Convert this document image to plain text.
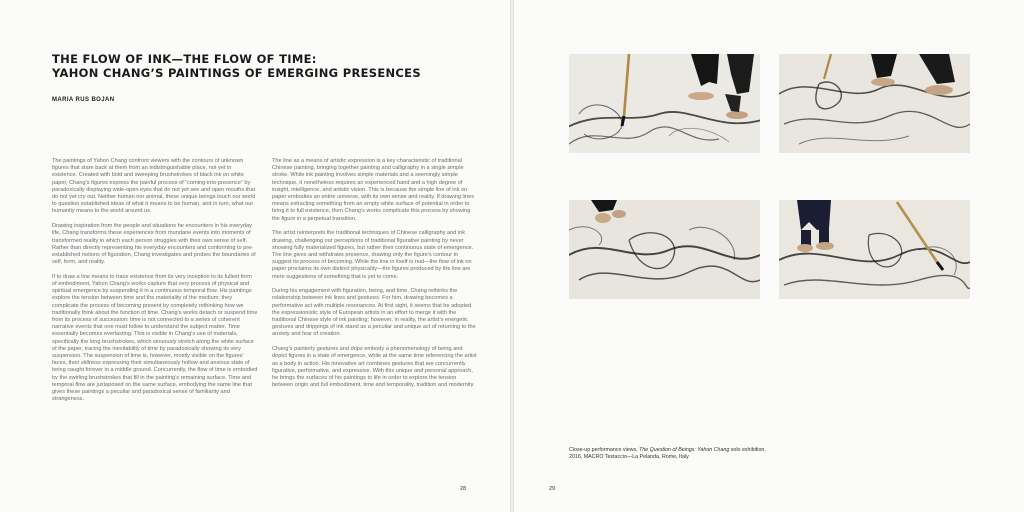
THE FLOW OF INK—THE FLOW OF TIME:
YAHON CHANG’S PAINTINGS OF EMERGING PRESENCES
MARIA RUS BOJAN

The paintings of Yahon Chang confront viewers with the contours of unknown figures that stare back at them from an indistinguishable place, not yet in existence. Created with bold and sweeping brushstrokes of black ink on white paper, Chang’s figures express the painful process of “coming-into-presence” by paradoxically displaying wide-open eyes that do not yet see and open mouths that do not yet cry out. Neither human nor animal, these unique beings touch our world to question established ideas of what it means to be human, and in turn, what our humanity means to the world around us.

Drawing inspiration from the people and situations he encounters in his everyday life, Chang transforms these experiences from mundane events into moments of transformed reality in which each person struggles with their own sense of self. Rather than directly representing his everyday encounters and conforming to pre-established notions of figuration, Chang investigates and probes the boundaries of self, form, and reality.

If to draw a line means to trace existence from its very inception to its fullest form of embodiment, Yahon Chang’s works capture that very process of physical and spiritual emergence by suspending it in a continuous temporal flow. His paintings explore the tension between time and the materiality of the medium; they complicate the process of becoming present by completely rethinking how we traditionally think about the function of time. Chang’s works detach or suspend time from its process of succession: time is not connected to a series of coherent narrative events that one must follow to understand the subject matter. Time essentially becomes everlasting. This is visible in Chang’s use of materials, specifically the long brushstrokes, which sinuously stretch along the white surface of the paper, tracing the inevitability of time by paradoxically showing its very suspension. The suspension of time is, however, mostly visible on the figures’ faces, their stillness expressing their simultaneously hollow and anxious state of being caught forever in a middle ground. Concurrently, the flow of time is embodied by the swirling brushstrokes that fill in the painting’s remaining surface. Time and temporal flow are juxtaposed on the same surface, embodying the same line that gives these paintings a peculiar and paradoxical sense of familiarity and strangeness.

The line as a means of artistic expression is a key characteristic of traditional Chinese painting, bringing together painting and calligraphy in a single simple stroke. While ink painting involves simple materials and a seemingly simple technique, it nonetheless requires an experienced hand and a high degree of insight, intelligence, and artistic vision. This is because the simple line of ink on paper embodies an entire universe, with its own sense and reality. If drawing lines means extracting something from an empty white surface of potential in order to bring it to full existence, then Chang’s works complicate this process by showing the figure in a perpetual transition.

The artist reinterprets the traditional techniques of Chinese calligraphy and ink drawing, challenging our perceptions of traditional figurative painting by never showing fully materialized figures, but rather their continuous state of emergence. The line gives and withdraws presence, drawing only the figure’s contour to suggest its process of becoming. While the line in itself is real—the flow of ink on paper proclaims its own distinct physicality—the figures produced by the line are mere suggestions of something that is yet to come.

During his engagement with figuration, being, and time, Chang rethinks the relationship between ink lines and gestures. For him, drawing becomes a performative act with multiple resonances. At first sight, it seems that he adopted the expressionistic style of European artists in an effort to merge it with the traditional Chinese style of ink painting; however, in reality, the artist’s energetic gestures and drippings of ink stand as a peculiar and unique act of returning to the anxiety and fear of creation.

Chang’s painterly gestures and drips embody a phenomenology of being and depict figures in a state of emergence, while at the same time referencing the artist as a body in action. His innovative art combines gestures that are concurrently figurative, performative, and expressive. With this unique and personal approach, he brings the surfaces of his paintings to life in order to explore the tension between origin and full embodiment, time and temporality, tradition and modernity.

28
Close-up performance views, The Question of Beings: Yahon Chang solo exhibition, 2016, MACRO Testaccio—La Pelanda, Rome, Italy
29
